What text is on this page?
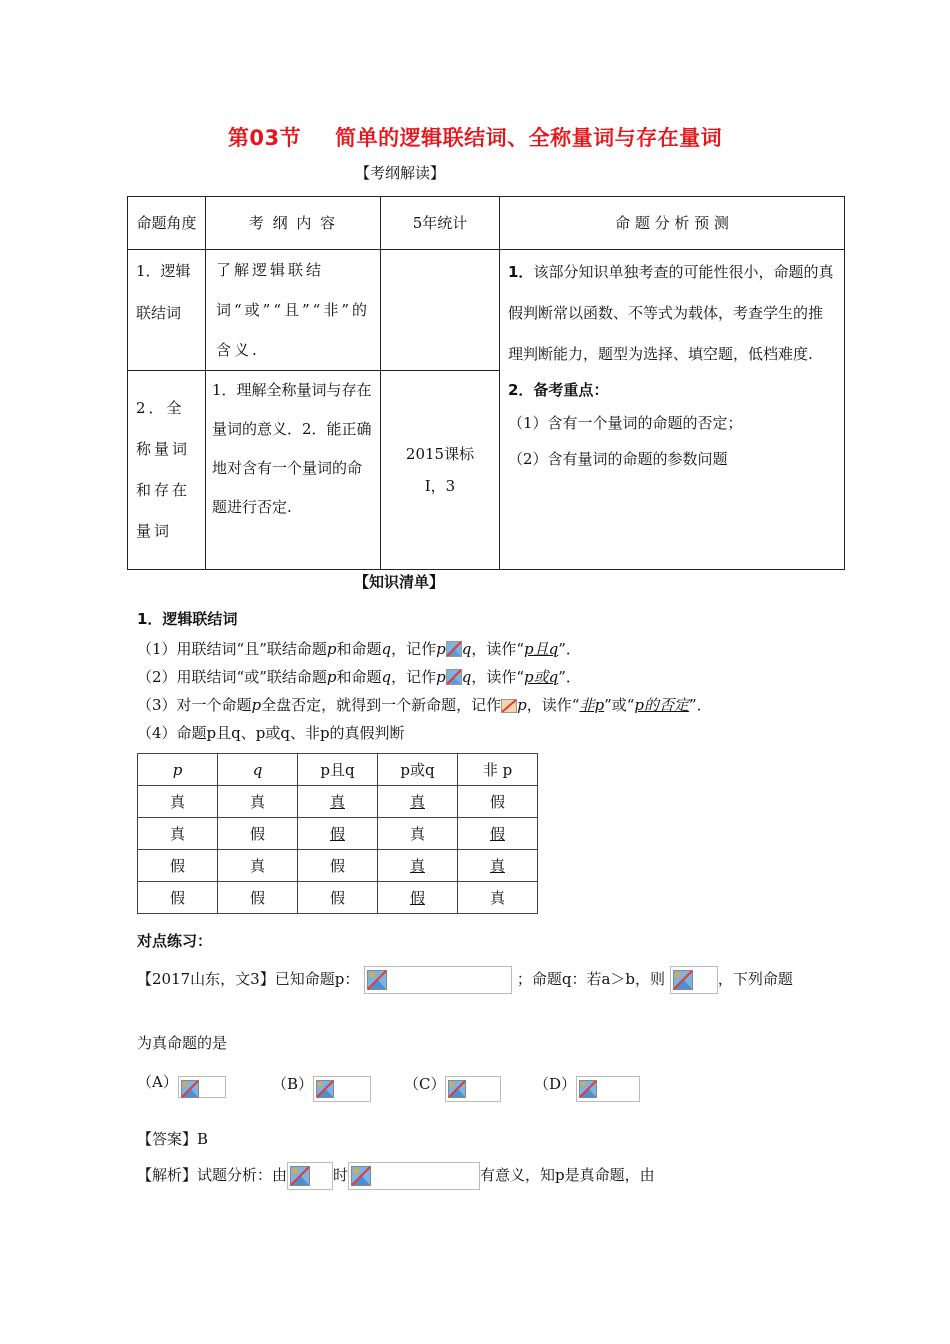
第03节 简单的逻辑联结词、全称量词与存在量词
【考纲解读】
命题角度	考 纲 内 容	5年统计	命 题 分 析 预 测
1．逻辑联结词	了解逻辑联结词“或”“且”“非”的含义.		1．该部分知识单独考查的可能性很小，命题的真假判断常以函数、不等式为载体，考查学生的推理判断能力，题型为选择、填空题，低档难度.
2．备考重点：
（1）含有一个量词的命题的否定；
（2）含有量词的命题的参数问题

2．全称量词和存在量词	1．理解全称量词与存在量词的意义．2．能正确地对含有一个量词的命题进行否定.	2015课标
Ⅰ，3	
【知识清单】
1．逻辑联结词
（1）用联结词“且”联结命题p和命题q，记作p q，读作“p且q”．
（2）用联结词“或”联结命题p和命题q，记作p q，读作“p或q”．
（3）对一个命题p全盘否定，就得到一个新命题，记作 p，读作“非p”或“p的否定”．
（4）命题p且q、p或q、非p的真假判断
p	q	p且q	p或q	非 p
真	真	真	真	假
真	假	假	真	假
假	真	假	真	真
假	假	假	假	真
对点练习：
【2017山东，文3】已知命题p：	；命题q：若a＞b，则	，下列命题
为真命题的是
（A）	（B）	（C）	（D）
【答案】B
【解析】试题分析：由	时	有意义，知p是真命题，由
